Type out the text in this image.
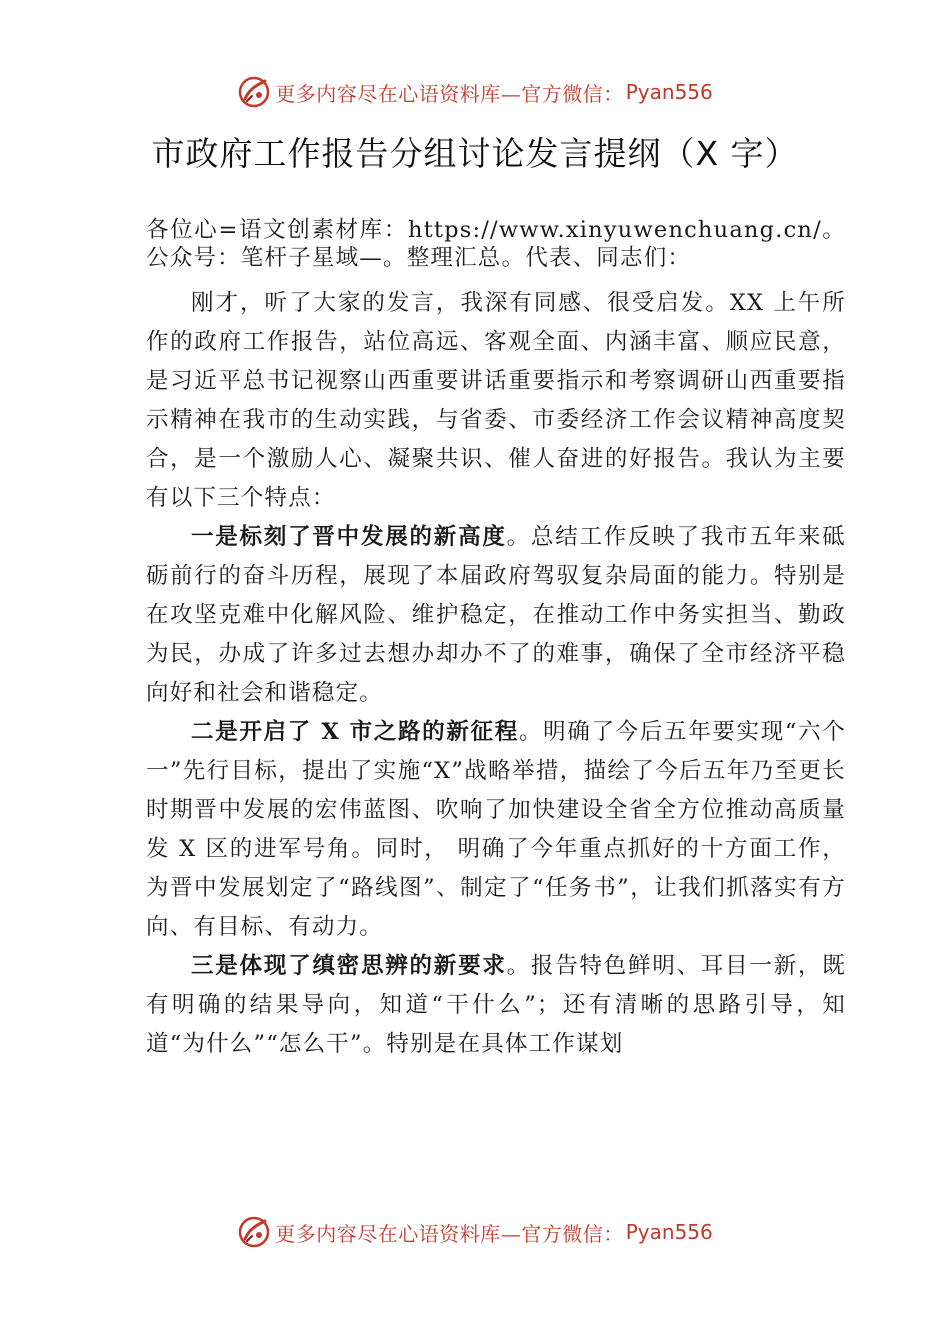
更多内容尽在心语资料库—官方微信： Pyan556
市政府工作报告分组讨论发言提纲（X 字）

各位心=语文创素材库：https://www.xinyuwenchuang.cn/。公众号：笔杆子星域—。整理汇总。代表、同志们：

刚才，听了大家的发言，我深有同感、很受启发。XX 上午所作的政府工作报告，站位高远、客观全面、内涵丰富、顺应民意，是习近平总书记视察山西重要讲话重要指示和考察调研山西重要指示精神在我市的生动实践，与省委、市委经济工作会议精神高度契合，是一个激励人心、凝聚共识、催人奋进的好报告。我认为主要有以下三个特点：

一是标刻了晋中发展的新高度。总结工作反映了我市五年来砥砺前行的奋斗历程，展现了本届政府驾驭复杂局面的能力。特别是在攻坚克难中化解风险、维护稳定，在推动工作中务实担当、勤政为民，办成了许多过去想办却办不了的难事，确保了全市经济平稳向好和社会和谐稳定。

二是开启了 X 市之路的新征程。明确了今后五年要实现“六个一”先行目标，提出了实施“X”战略举措，描绘了今后五年乃至更长时期晋中发展的宏伟蓝图、吹响了加快建设全省全方位推动高质量发 X 区的进军号角。同时， 明确了今年重点抓好的十方面工作，为晋中发展划定了“路线图”、制定了“任务书”，让我们抓落实有方向、有目标、有动力。

三是体现了缜密思辨的新要求。报告特色鲜明、耳目一新，既有明确的结果导向，知道“干什么”；还有清晰的思路引导，知道“为什么”“怎么干”。特别是在具体工作谋划

更多内容尽在心语资料库—官方微信： Pyan556
